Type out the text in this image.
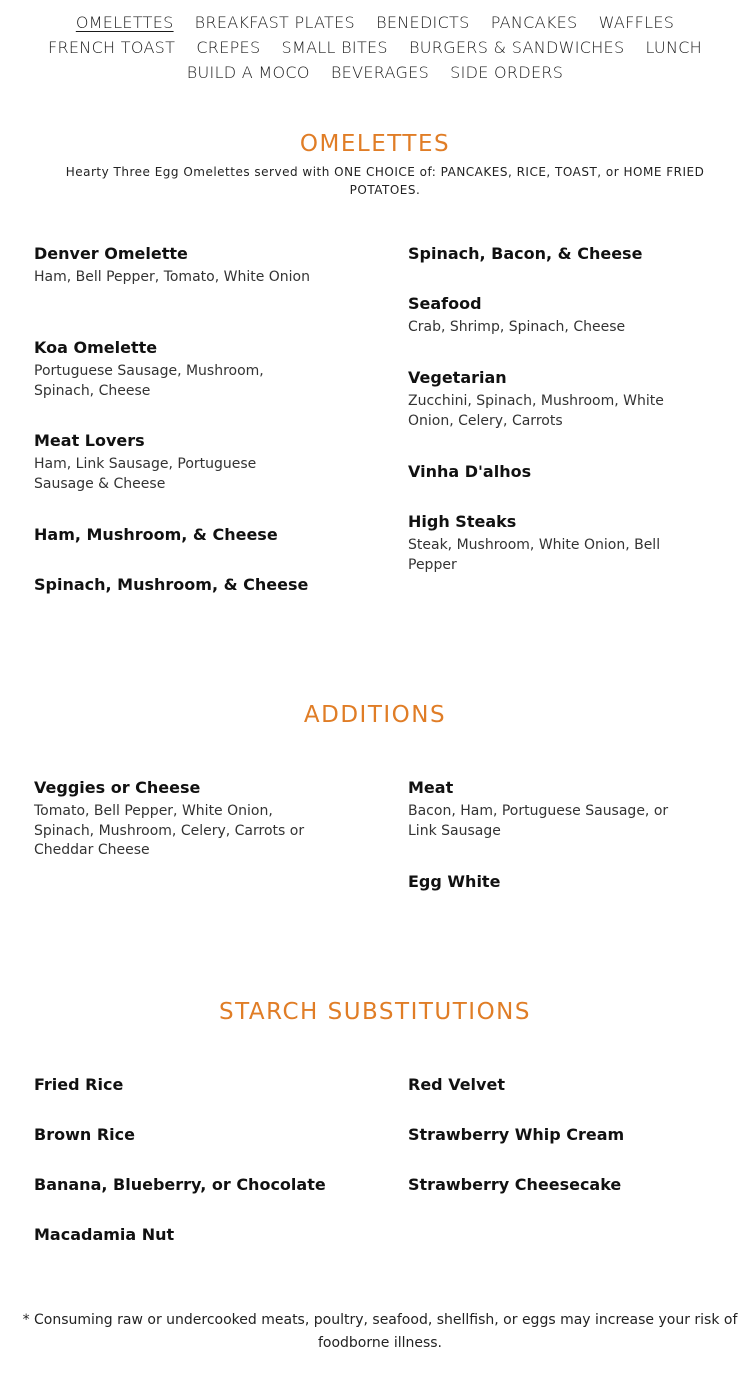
OMELETTES BREAKFAST PLATES BENEDICTS PANCAKES WAFFLES
FRENCH TOAST CREPES SMALL BITES BURGERS & SANDWICHES LUNCH
BUILD A MOCO BEVERAGES SIDE ORDERS
OMELETTES

Hearty Three Egg Omelettes served with ONE CHOICE of: PANCAKES, RICE, TOAST, or HOME FRIED POTATOES.

Denver Omelette

Ham, Bell Pepper, Tomato, White Onion

Koa Omelette

Portuguese Sausage, Mushroom, Spinach, Cheese

Meat Lovers

Ham, Link Sausage, Portuguese Sausage & Cheese

Ham, Mushroom, & Cheese

Spinach, Mushroom, & Cheese

Spinach, Bacon, & Cheese

Seafood

Crab, Shrimp, Spinach, Cheese

Vegetarian

Zucchini, Spinach, Mushroom, White Onion, Celery, Carrots

Vinha D'alhos

High Steaks

Steak, Mushroom, White Onion, Bell Pepper

ADDITIONS

Veggies or Cheese

Tomato, Bell Pepper, White Onion, Spinach, Mushroom, Celery, Carrots or Cheddar Cheese

Meat

Bacon, Ham, Portuguese Sausage, or Link Sausage

Egg White

STARCH SUBSTITUTIONS

Fried Rice

Brown Rice

Banana, Blueberry, or Chocolate

Macadamia Nut

Red Velvet

Strawberry Whip Cream

Strawberry Cheesecake

* Consuming raw or undercooked meats, poultry, seafood, shellfish, or eggs may increase your risk of foodborne illness.
